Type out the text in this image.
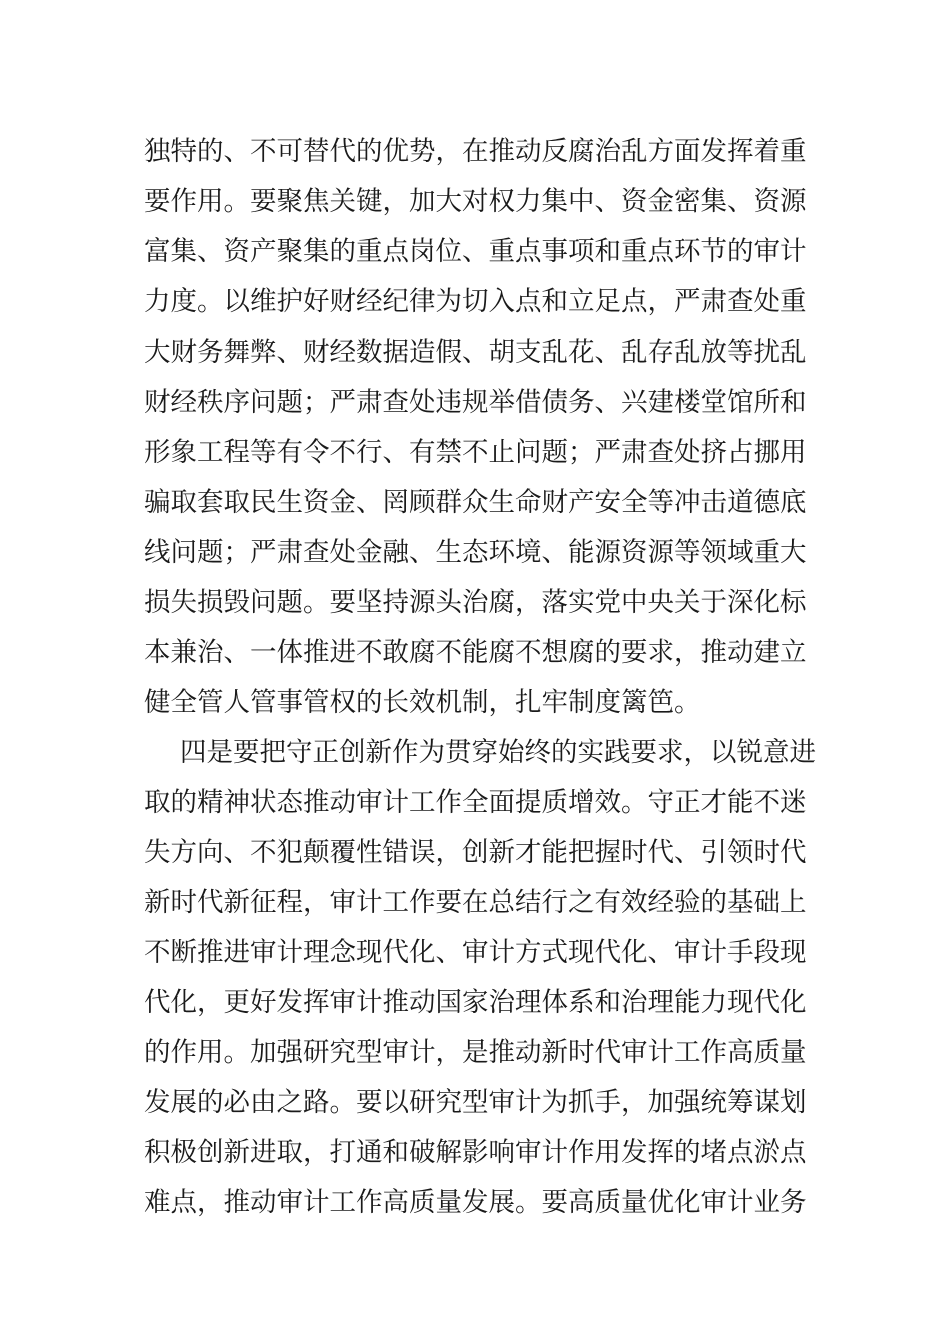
独特的、不可替代的优势，在推动反腐治乱方面发挥着重
要作用。要聚焦关键，加大对权力集中、资金密集、资源
富集、资产聚集的重点岗位、重点事项和重点环节的审计
力度。以维护好财经纪律为切入点和立足点，严肃查处重
大财务舞弊、财经数据造假、胡支乱花、乱存乱放等扰乱
财经秩序问题；严肃查处违规举借债务、兴建楼堂馆所和
形象工程等有令不行、有禁不止问题；严肃查处挤占挪用
骗取套取民生资金、罔顾群众生命财产安全等冲击道德底
线问题；严肃查处金融、生态环境、能源资源等领域重大
损失损毁问题。要坚持源头治腐，落实党中央关于深化标
本兼治、一体推进不敢腐不能腐不想腐的要求，推动建立
健全管人管事管权的长效机制，扎牢制度篱笆。
四是要把守正创新作为贯穿始终的实践要求，以锐意进
取的精神状态推动审计工作全面提质增效。守正才能不迷
失方向、不犯颠覆性错误，创新才能把握时代、引领时代
新时代新征程，审计工作要在总结行之有效经验的基础上
不断推进审计理念现代化、审计方式现代化、审计手段现
代化，更好发挥审计推动国家治理体系和治理能力现代化
的作用。加强研究型审计，是推动新时代审计工作高质量
发展的必由之路。要以研究型审计为抓手，加强统筹谋划
积极创新进取，打通和破解影响审计作用发挥的堵点淤点
难点，推动审计工作高质量发展。要高质量优化审计业务
